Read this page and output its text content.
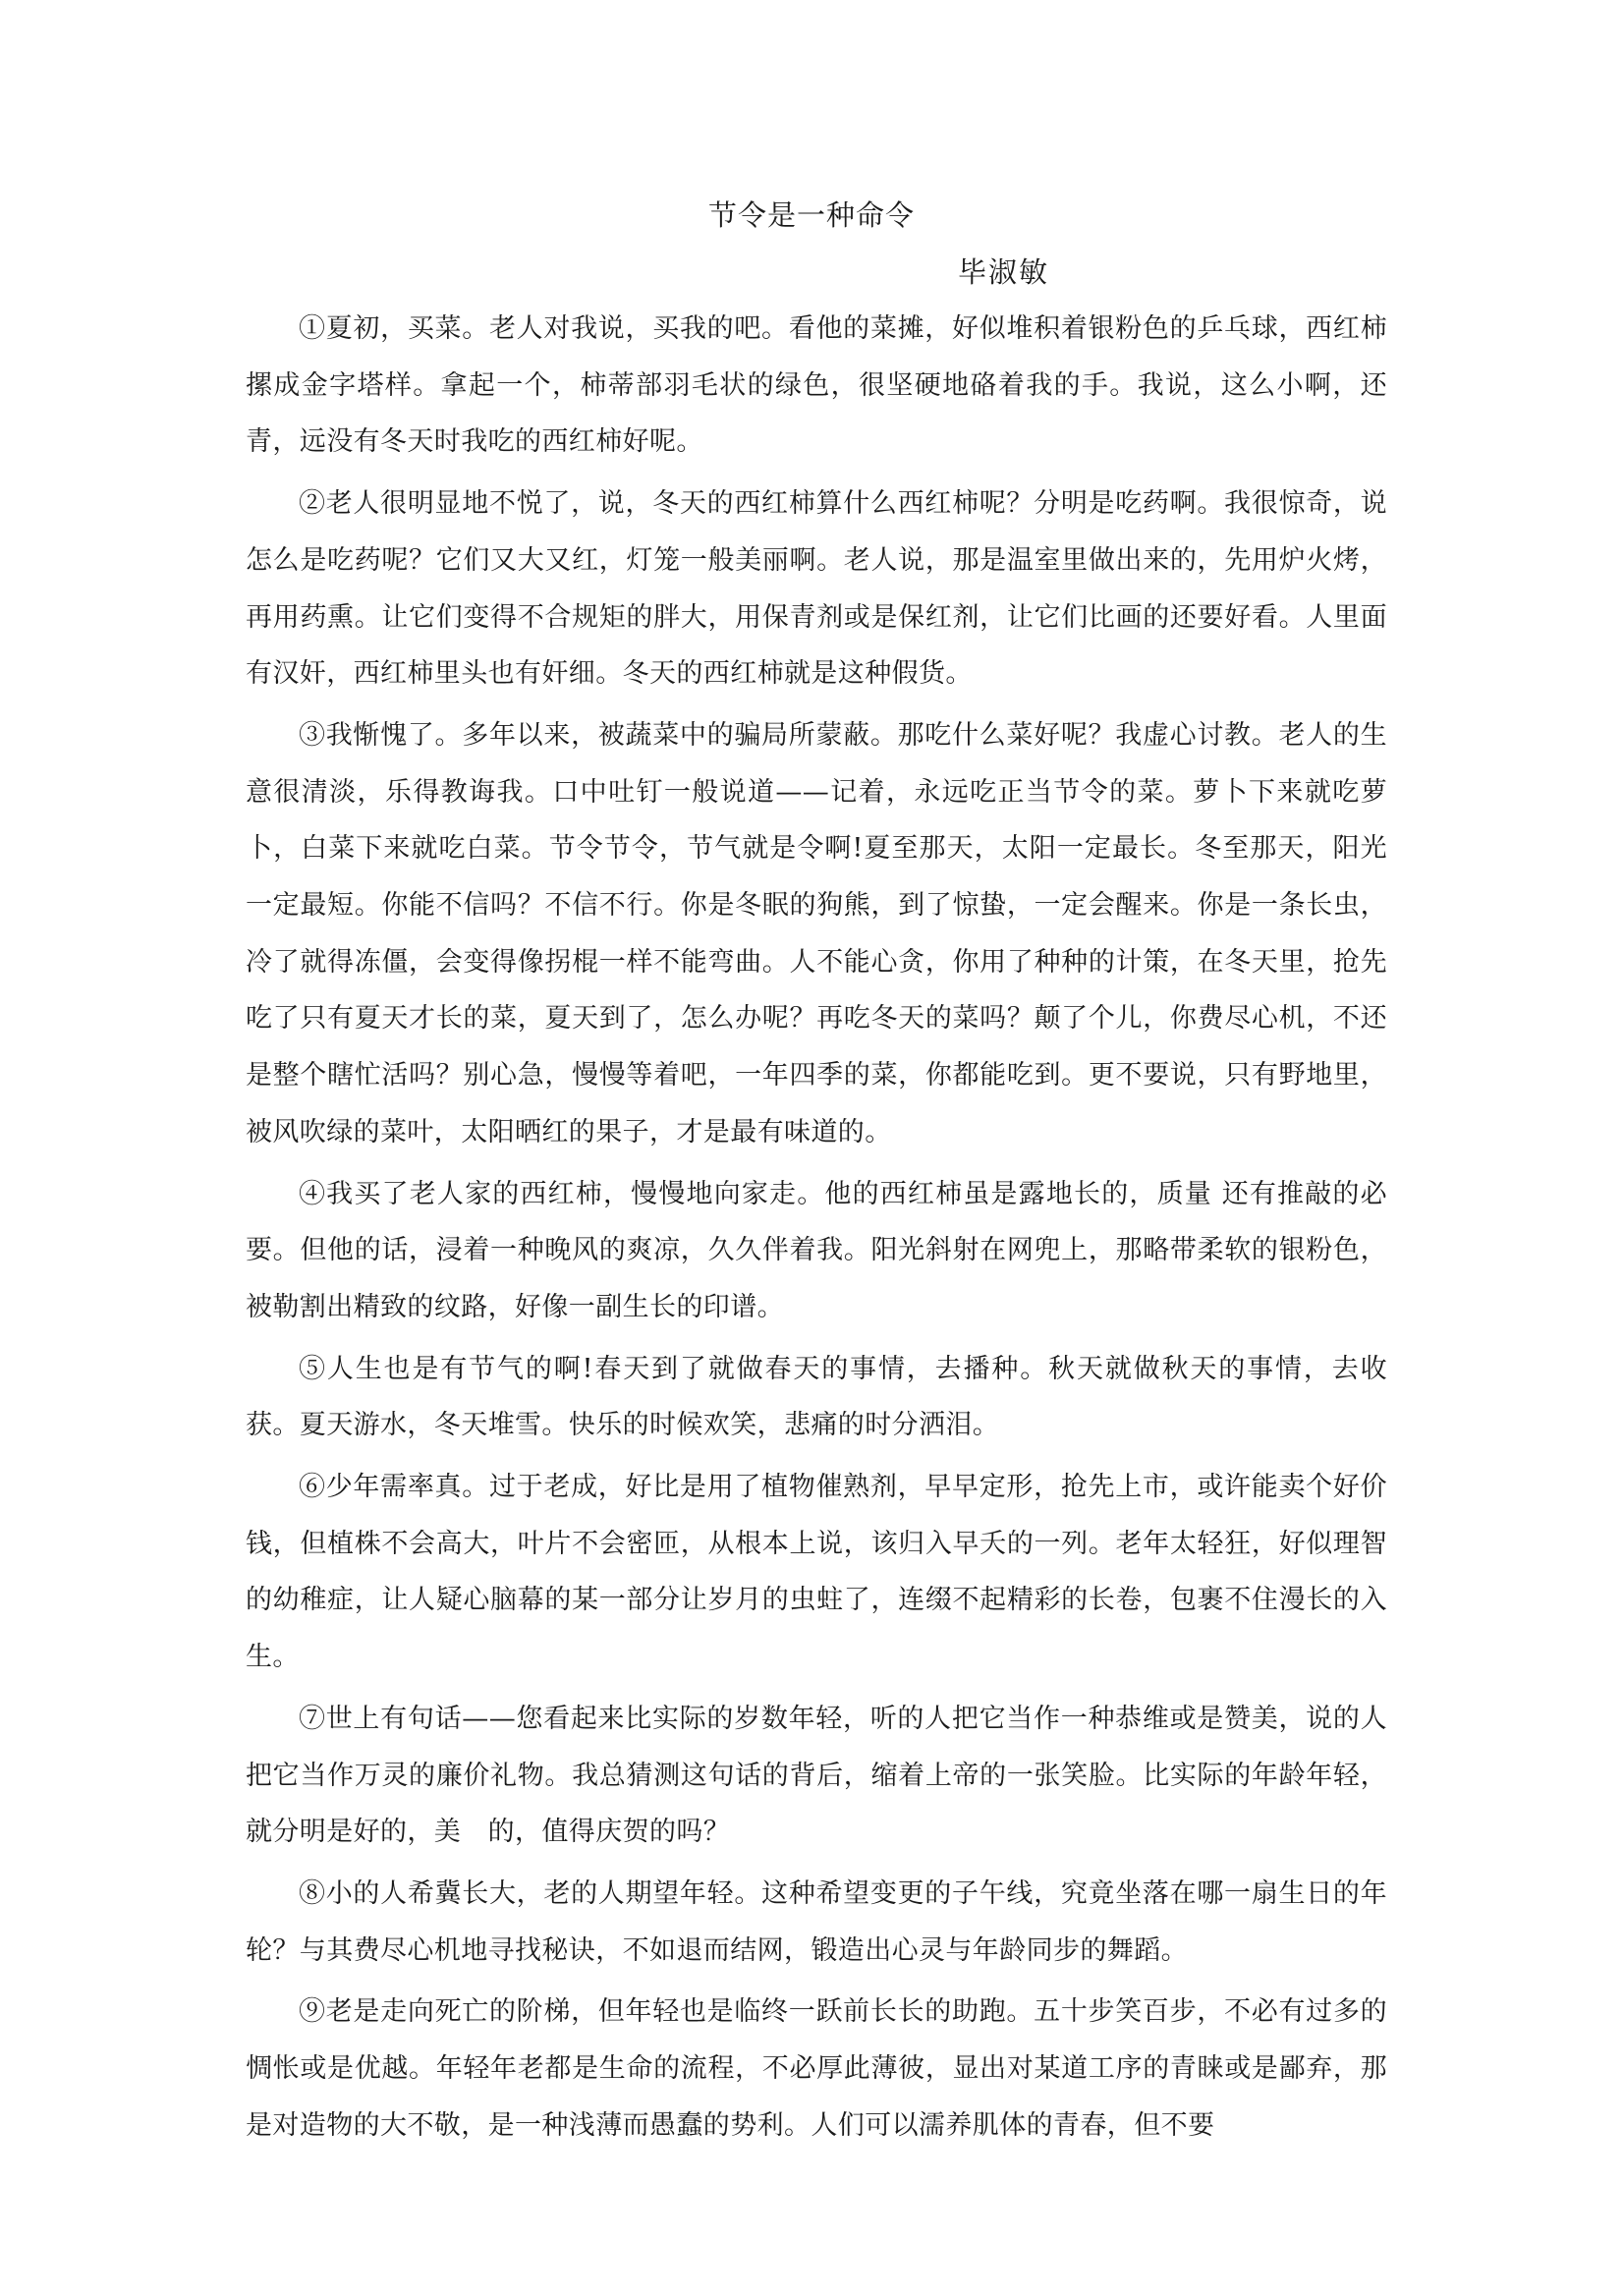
节令是一种命令
毕淑敏

①夏初，买菜。老人对我说，买我的吧。看他的菜摊，好似堆积着银粉色的乒乓球，西红柿摞成金字塔样。拿起一个，柿蒂部羽毛状的绿色，很坚硬地硌着我的手。我说，这么小啊，还青，远没有冬天时我吃的西红柿好呢。

②老人很明显地不悦了，说，冬天的西红柿算什么西红柿呢？分明是吃药啊。我很惊奇，说怎么是吃药呢？它们又大又红，灯笼一般美丽啊。老人说，那是温室里做出来的，先用炉火烤，再用药熏。让它们变得不合规矩的胖大，用保青剂或是保红剂，让它们比画的还要好看。人里面有汉奸，西红柿里头也有奸细。冬天的西红柿就是这种假货。

③我惭愧了。多年以来，被蔬菜中的骗局所蒙蔽。那吃什么菜好呢？我虚心讨教。老人的生意很清淡，乐得教诲我。口中吐钉一般说道——记着，永远吃正当节令的菜。萝卜下来就吃萝卜，白菜下来就吃白菜。节令节令，节气就是令啊!夏至那天，太阳一定最长。冬至那天，阳光一定最短。你能不信吗？不信不行。你是冬眠的狗熊，到了惊蛰，一定会醒来。你是一条长虫，冷了就得冻僵，会变得像拐棍一样不能弯曲。人不能心贪，你用了种种的计策，在冬天里，抢先吃了只有夏天才长的菜，夏天到了，怎么办呢？再吃冬天的菜吗？颠了个儿，你费尽心机，不还是整个瞎忙活吗？别心急，慢慢等着吧，一年四季的菜，你都能吃到。更不要说，只有野地里，被风吹绿的菜叶，太阳晒红的果子，才是最有味道的。

④我买了老人家的西红柿，慢慢地向家走。他的西红柿虽是露地长的，质量 还有推敲的必要。但他的话，浸着一种晚风的爽凉，久久伴着我。阳光斜射在网兜上，那略带柔软的银粉色，被勒割出精致的纹路，好像一副生长的印谱。

⑤人生也是有节气的啊!春天到了就做春天的事情，去播种。秋天就做秋天的事情，去收　获。夏天游水，冬天堆雪。快乐的时候欢笑，悲痛的时分洒泪。

⑥少年需率真。过于老成，好比是用了植物催熟剂，早早定形，抢先上市，或许能卖个好价钱，但植株不会高大，叶片不会密匝，从根本上说，该归入早夭的一列。老年太轻狂，好似理智的幼稚症，让人疑心脑幕的某一部分让岁月的虫蛀了，连缀不起精彩的长卷，包裹不住漫长的入生。

⑦世上有句话——您看起来比实际的岁数年轻，听的人把它当作一种恭维或是赞美，说的人把它当作万灵的廉价礼物。我总猜测这句话的背后，缩着上帝的一张笑脸。比实际的年龄年轻，就分明是好的，美　的，值得庆贺的吗？

⑧小的人希冀长大，老的人期望年轻。这种希望变更的子午线，究竟坐落在哪一扇生日的年轮？与其费尽心机地寻找秘诀，不如退而结网，锻造出心灵与年龄同步的舞蹈。

⑨老是走向死亡的阶梯，但年轻也是临终一跃前长长的助跑。五十步笑百步，不必有过多的惆怅或是优越。年轻年老都是生命的流程，不必厚此薄彼，显出对某道工序的青睐或是鄙弃，那是对造物的大不敬，是一种浅薄而愚蠢的势利。人们可以濡养肌体的青春，但不要
